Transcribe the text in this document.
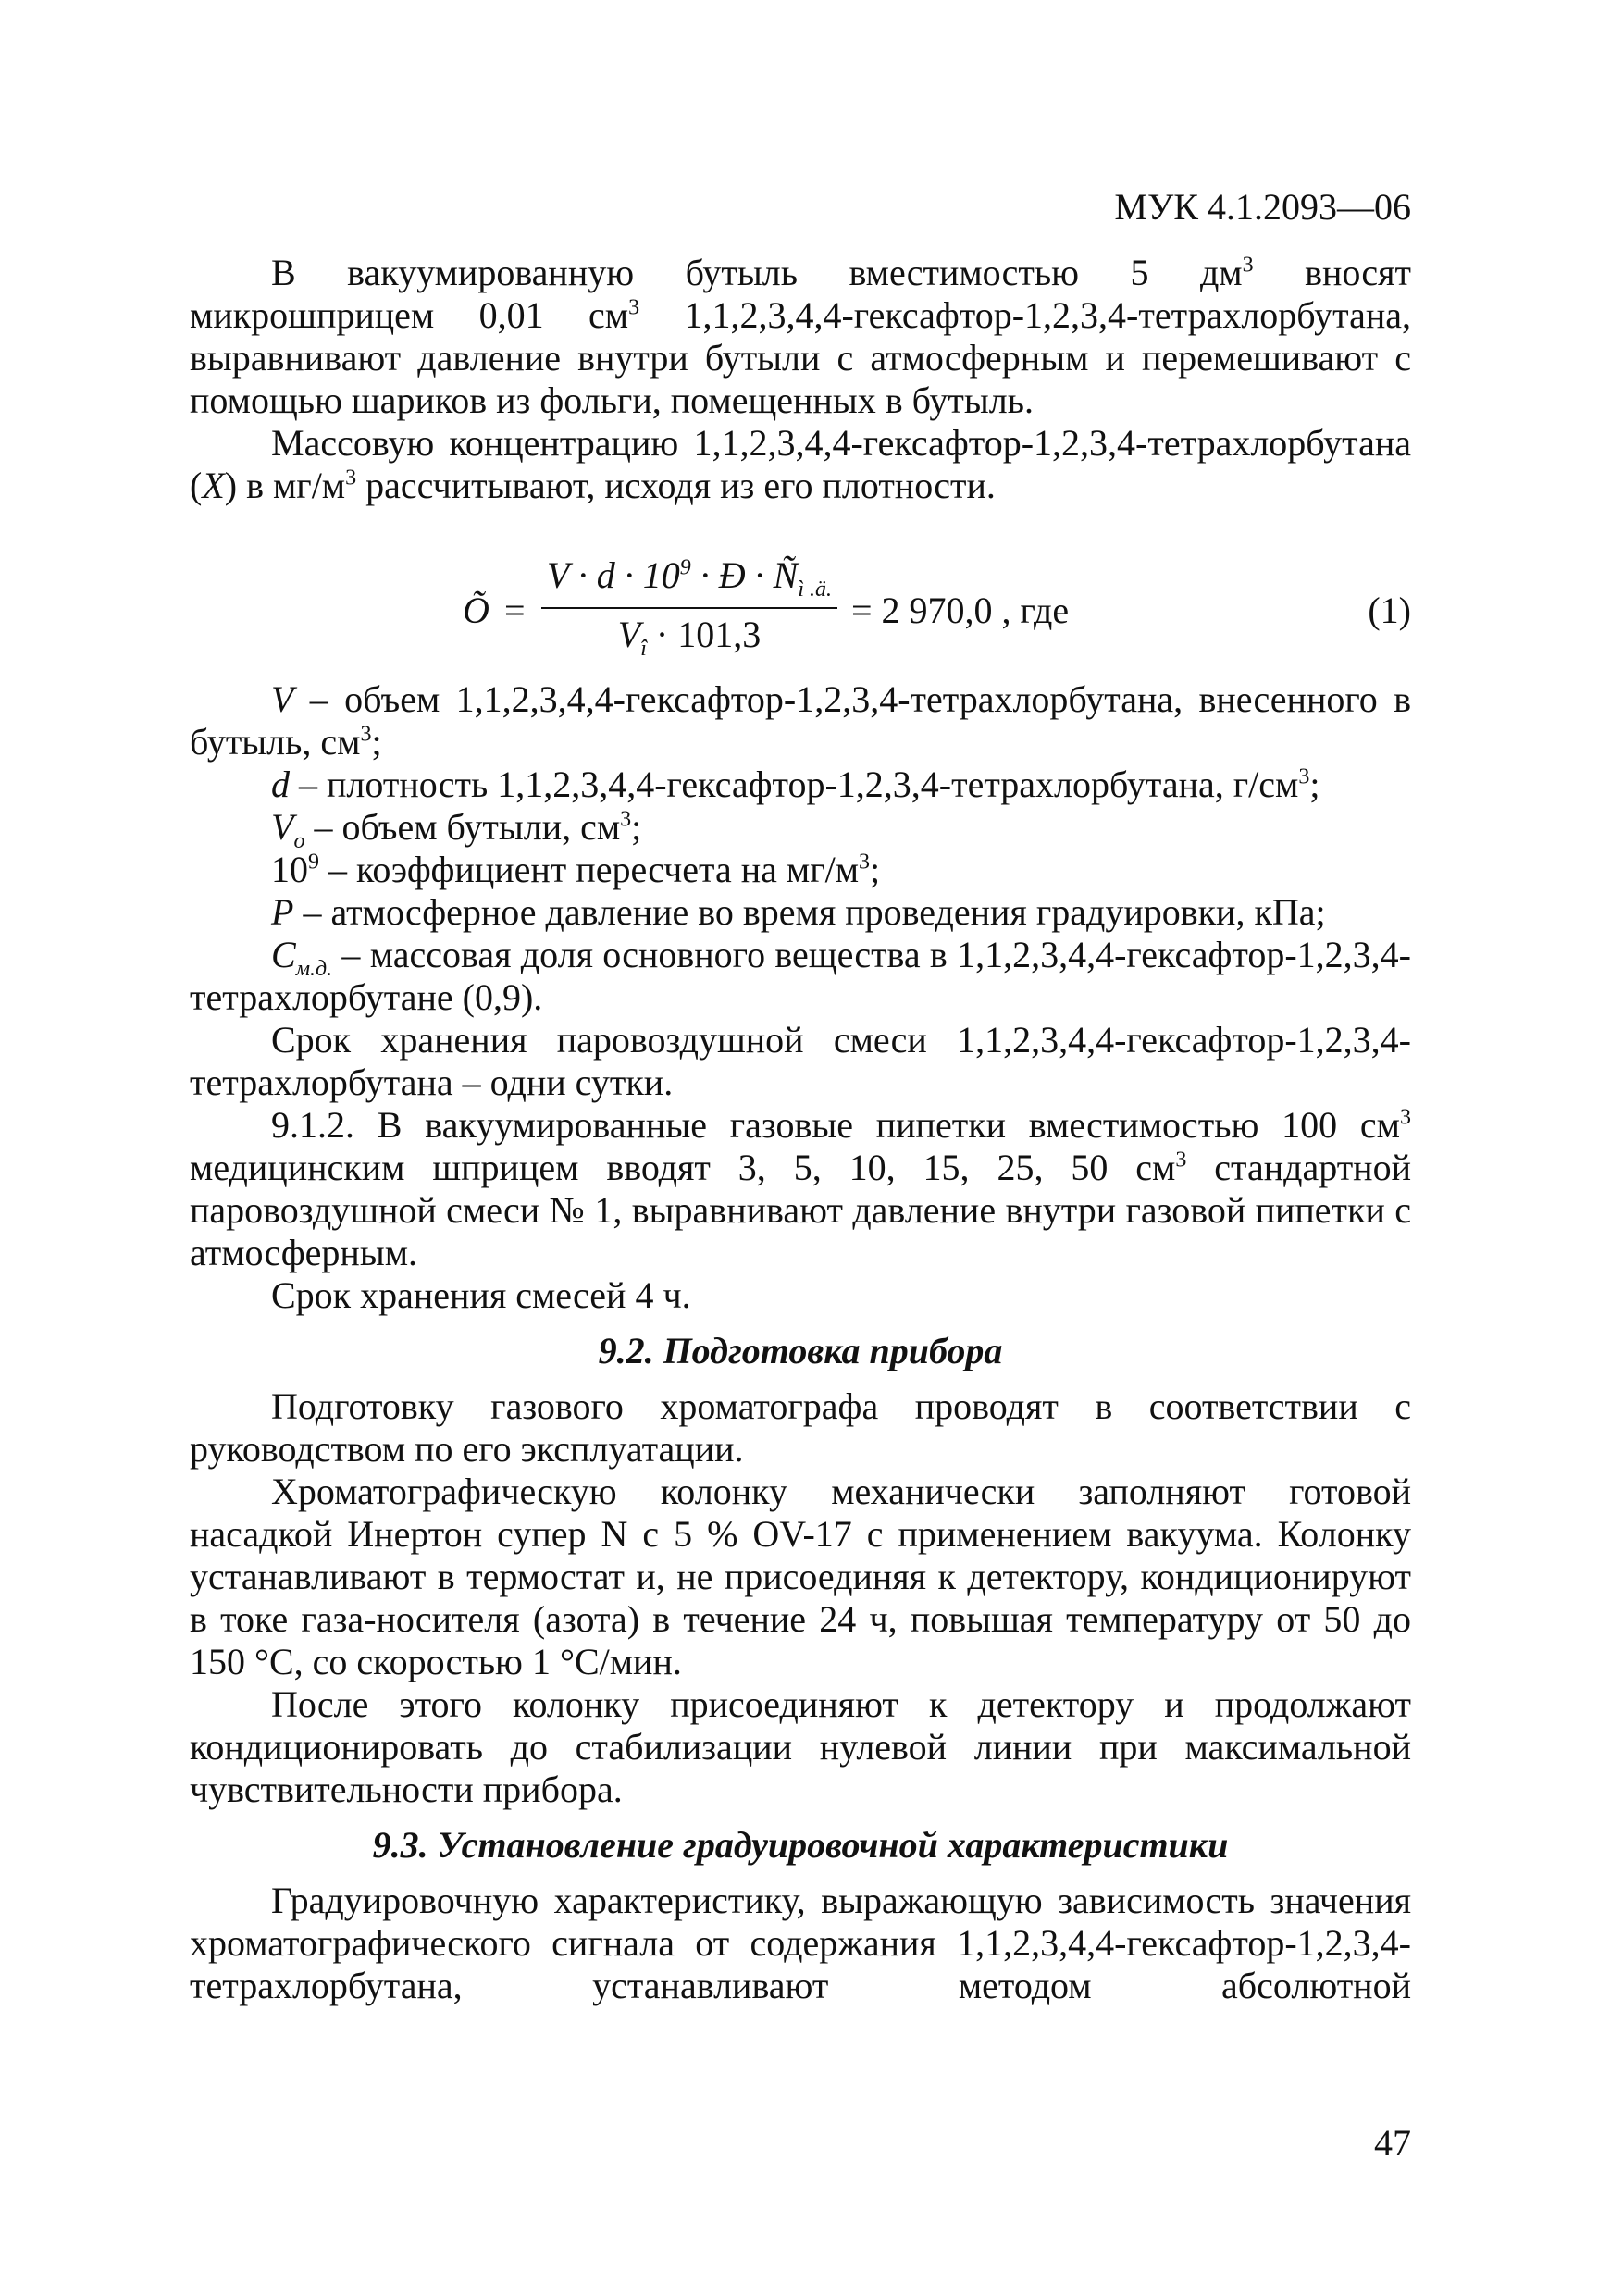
МУК 4.1.2093—06

В вакуумированную бутыль вместимостью 5 $дм^3$ вносят микрошприцем 0,01 $см^3$ 1,1,2,3,4,4-гексафтор-1,2,3,4-тетрахлорбутана, выравнивают давление внутри бутыли с атмосферным и перемешивают с помощью шариков из фольги, помещенных в бутыль.

Массовую концентрацию 1,1,2,3,4,4-гексафтор-1,2,3,4-тетрахлорбутана (X) в $мг/м^3$ рассчитывают, исходя из его плотности.

Õ =
$V \cdot d \cdot 10^9$ · Ð · $Ñ_{ì .ä.}$
$V_î \cdot 101,3$
= 2 970,0 , где	(1)

V – объем 1,1,2,3,4,4-гексафтор-1,2,3,4-тетрахлорбутана, внесенного в бутыль, $см^3$;

d – плотность 1,1,2,3,4,4-гексафтор-1,2,3,4-тетрахлорбутана, $г/см^3$;

$V_o$ – объем бутыли, $см^3$;

$10^9$ – коэффициент пересчета на $мг/м^3$;

P – атмосферное давление во время проведения градуировки, кПа;

$С_{м.д.}$ – массовая доля основного вещества в 1,1,2,3,4,4-гексафтор-1,2,3,4-тетрахлорбутане (0,9).

Срок хранения паровоздушной смеси 1,1,2,3,4,4-гексафтор-1,2,3,4-тетрахлорбутана – одни сутки.

9.1.2. В вакуумированные газовые пипетки вместимостью 100 $см^3$ медицинским шприцем вводят 3, 5, 10, 15, 25, 50 $см^3$ стандартной паровоздушной смеси № 1, выравнивают давление внутри газовой пипетки с атмосферным.

Срок хранения смесей 4 ч.

9.2. Подготовка прибора

Подготовку газового хроматографа проводят в соответствии с руководством по его эксплуатации.

Хроматографическую колонку механически заполняют готовой насадкой Инертон супер N с 5 % OV-17 с применением вакуума. Колонку устанавливают в термостат и, не присоединяя к детектору, кондиционируют в токе газа-носителя (азота) в течение 24 ч, повышая температуру от 50 до 150 °С, со скоростью 1 °С/мин.

После этого колонку присоединяют к детектору и продолжают кондиционировать до стабилизации нулевой линии при максимальной чувствительности прибора.

9.3. Установление градуировочной характеристики

Градуировочную характеристику, выражающую зависимость значения хроматографического сигнала от содержания 1,1,2,3,4,4-гексафтор-1,2,3,4-тетрахлорбутана, устанавливают методом абсолютной

47
